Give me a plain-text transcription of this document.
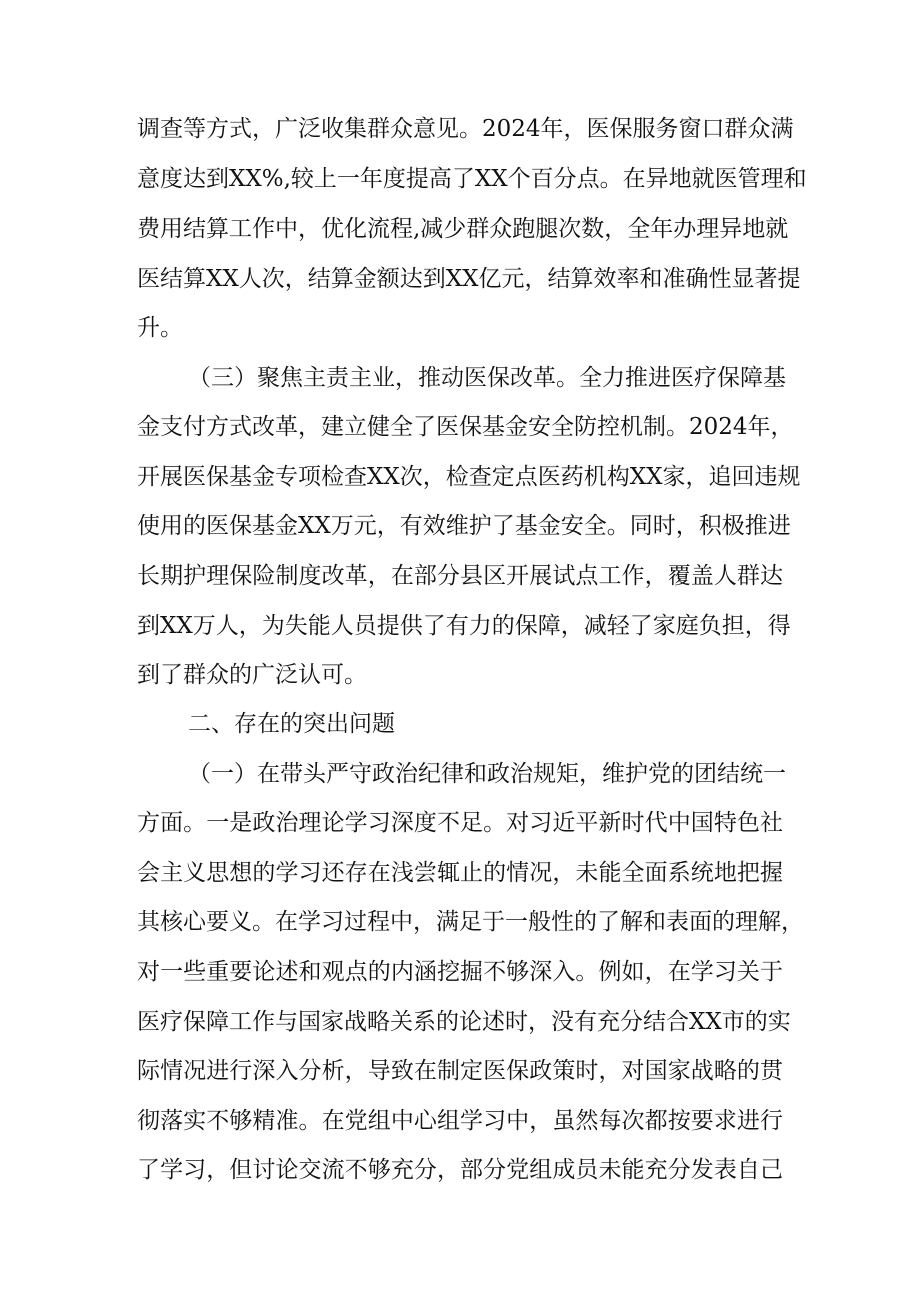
调查等方式，广泛收集群众意见。2024年，医保服务窗口群众满
意度达到XX%,较上一年度提高了XX个百分点。在异地就医管理和
费用结算工作中，优化流程,减少群众跑腿次数，全年办理异地就
医结算XX人次，结算金额达到XX亿元，结算效率和准确性显著提
升。
（三）聚焦主责主业，推动医保改革。全力推进医疗保障基
金支付方式改革，建立健全了医保基金安全防控机制。2024年，
开展医保基金专项检查XX次，检查定点医药机构XX家，追回违规
使用的医保基金XX万元，有效维护了基金安全。同时，积极推进
长期护理保险制度改革，在部分县区开展试点工作，覆盖人群达
到XX万人，为失能人员提供了有力的保障，减轻了家庭负担，得
到了群众的广泛认可。
二、存在的突出问题
（一）在带头严守政治纪律和政治规矩，维护党的团结统一
方面。一是政治理论学习深度不足。对习近平新时代中国特色社
会主义思想的学习还存在浅尝辄止的情况，未能全面系统地把握
其核心要义。在学习过程中，满足于一般性的了解和表面的理解，
对一些重要论述和观点的内涵挖掘不够深入。例如，在学习关于
医疗保障工作与国家战略关系的论述时，没有充分结合XX市的实
际情况进行深入分析，导致在制定医保政策时，对国家战略的贯
彻落实不够精准。在党组中心组学习中，虽然每次都按要求进行
了学习，但讨论交流不够充分，部分党组成员未能充分发表自己
